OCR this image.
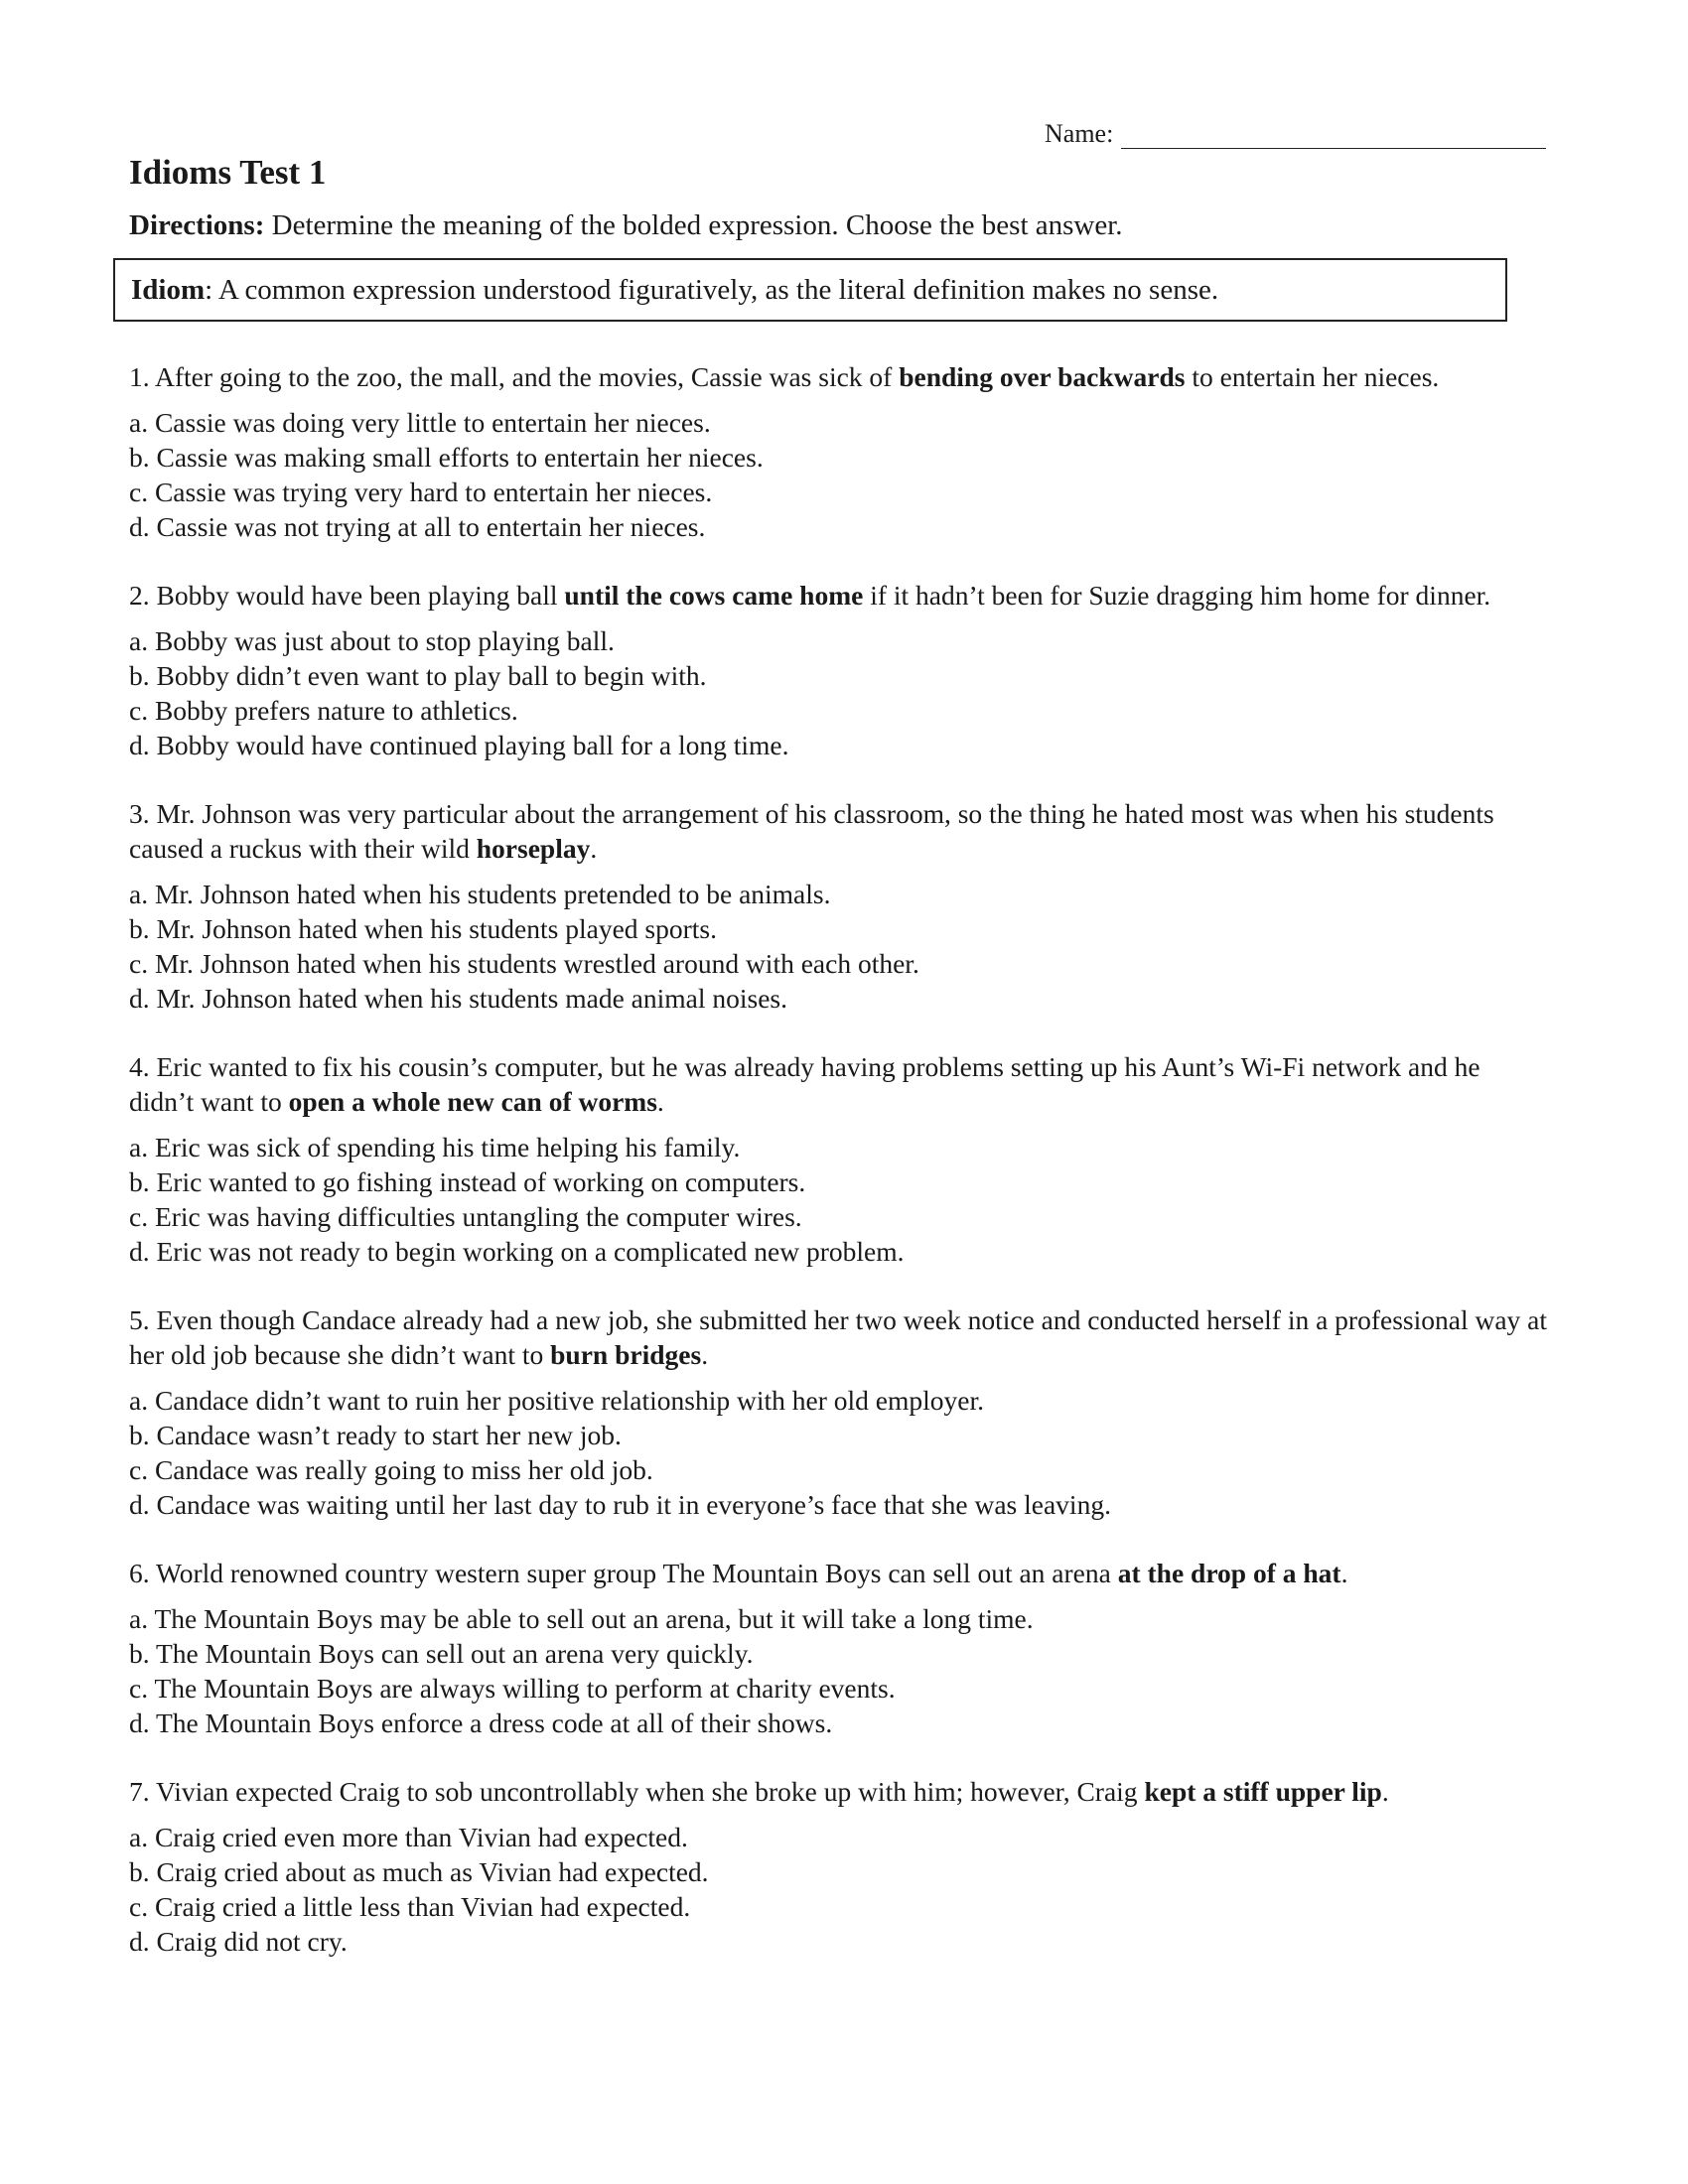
Name:
Idioms Test 1

Directions: Determine the meaning of the bolded expression. Choose the best answer.

Idiom: A common expression understood figuratively, as the literal definition makes no sense.

1. After going to the zoo, the mall, and the movies, Cassie was sick of bending over backwards to entertain her nieces.

a. Cassie was doing very little to entertain her nieces.
b. Cassie was making small efforts to entertain her nieces.
c. Cassie was trying very hard to entertain her nieces.
d. Cassie was not trying at all to entertain her nieces.

2. Bobby would have been playing ball until the cows came home if it hadn’t been for Suzie dragging him home for dinner.

a. Bobby was just about to stop playing ball.
b. Bobby didn’t even want to play ball to begin with.
c. Bobby prefers nature to athletics.
d. Bobby would have continued playing ball for a long time.

3. Mr. Johnson was very particular about the arrangement of his classroom, so the thing he hated most was when his students caused a ruckus with their wild horseplay.

a. Mr. Johnson hated when his students pretended to be animals.
b. Mr. Johnson hated when his students played sports.
c. Mr. Johnson hated when his students wrestled around with each other.
d. Mr. Johnson hated when his students made animal noises.

4. Eric wanted to fix his cousin’s computer, but he was already having problems setting up his Aunt’s Wi-Fi network and he didn’t want to open a whole new can of worms.

a. Eric was sick of spending his time helping his family.
b. Eric wanted to go fishing instead of working on computers.
c. Eric was having difficulties untangling the computer wires.
d. Eric was not ready to begin working on a complicated new problem.

5. Even though Candace already had a new job, she submitted her two week notice and conducted herself in a professional way at her old job because she didn’t want to burn bridges.

a. Candace didn’t want to ruin her positive relationship with her old employer.
b. Candace wasn’t ready to start her new job.
c. Candace was really going to miss her old job.
d. Candace was waiting until her last day to rub it in everyone’s face that she was leaving.

6. World renowned country western super group The Mountain Boys can sell out an arena at the drop of a hat.

a. The Mountain Boys may be able to sell out an arena, but it will take a long time.
b. The Mountain Boys can sell out an arena very quickly.
c. The Mountain Boys are always willing to perform at charity events.
d. The Mountain Boys enforce a dress code at all of their shows.

7. Vivian expected Craig to sob uncontrollably when she broke up with him; however, Craig kept a stiff upper lip.

a. Craig cried even more than Vivian had expected.
b. Craig cried about as much as Vivian had expected.
c. Craig cried a little less than Vivian had expected.
d. Craig did not cry.
